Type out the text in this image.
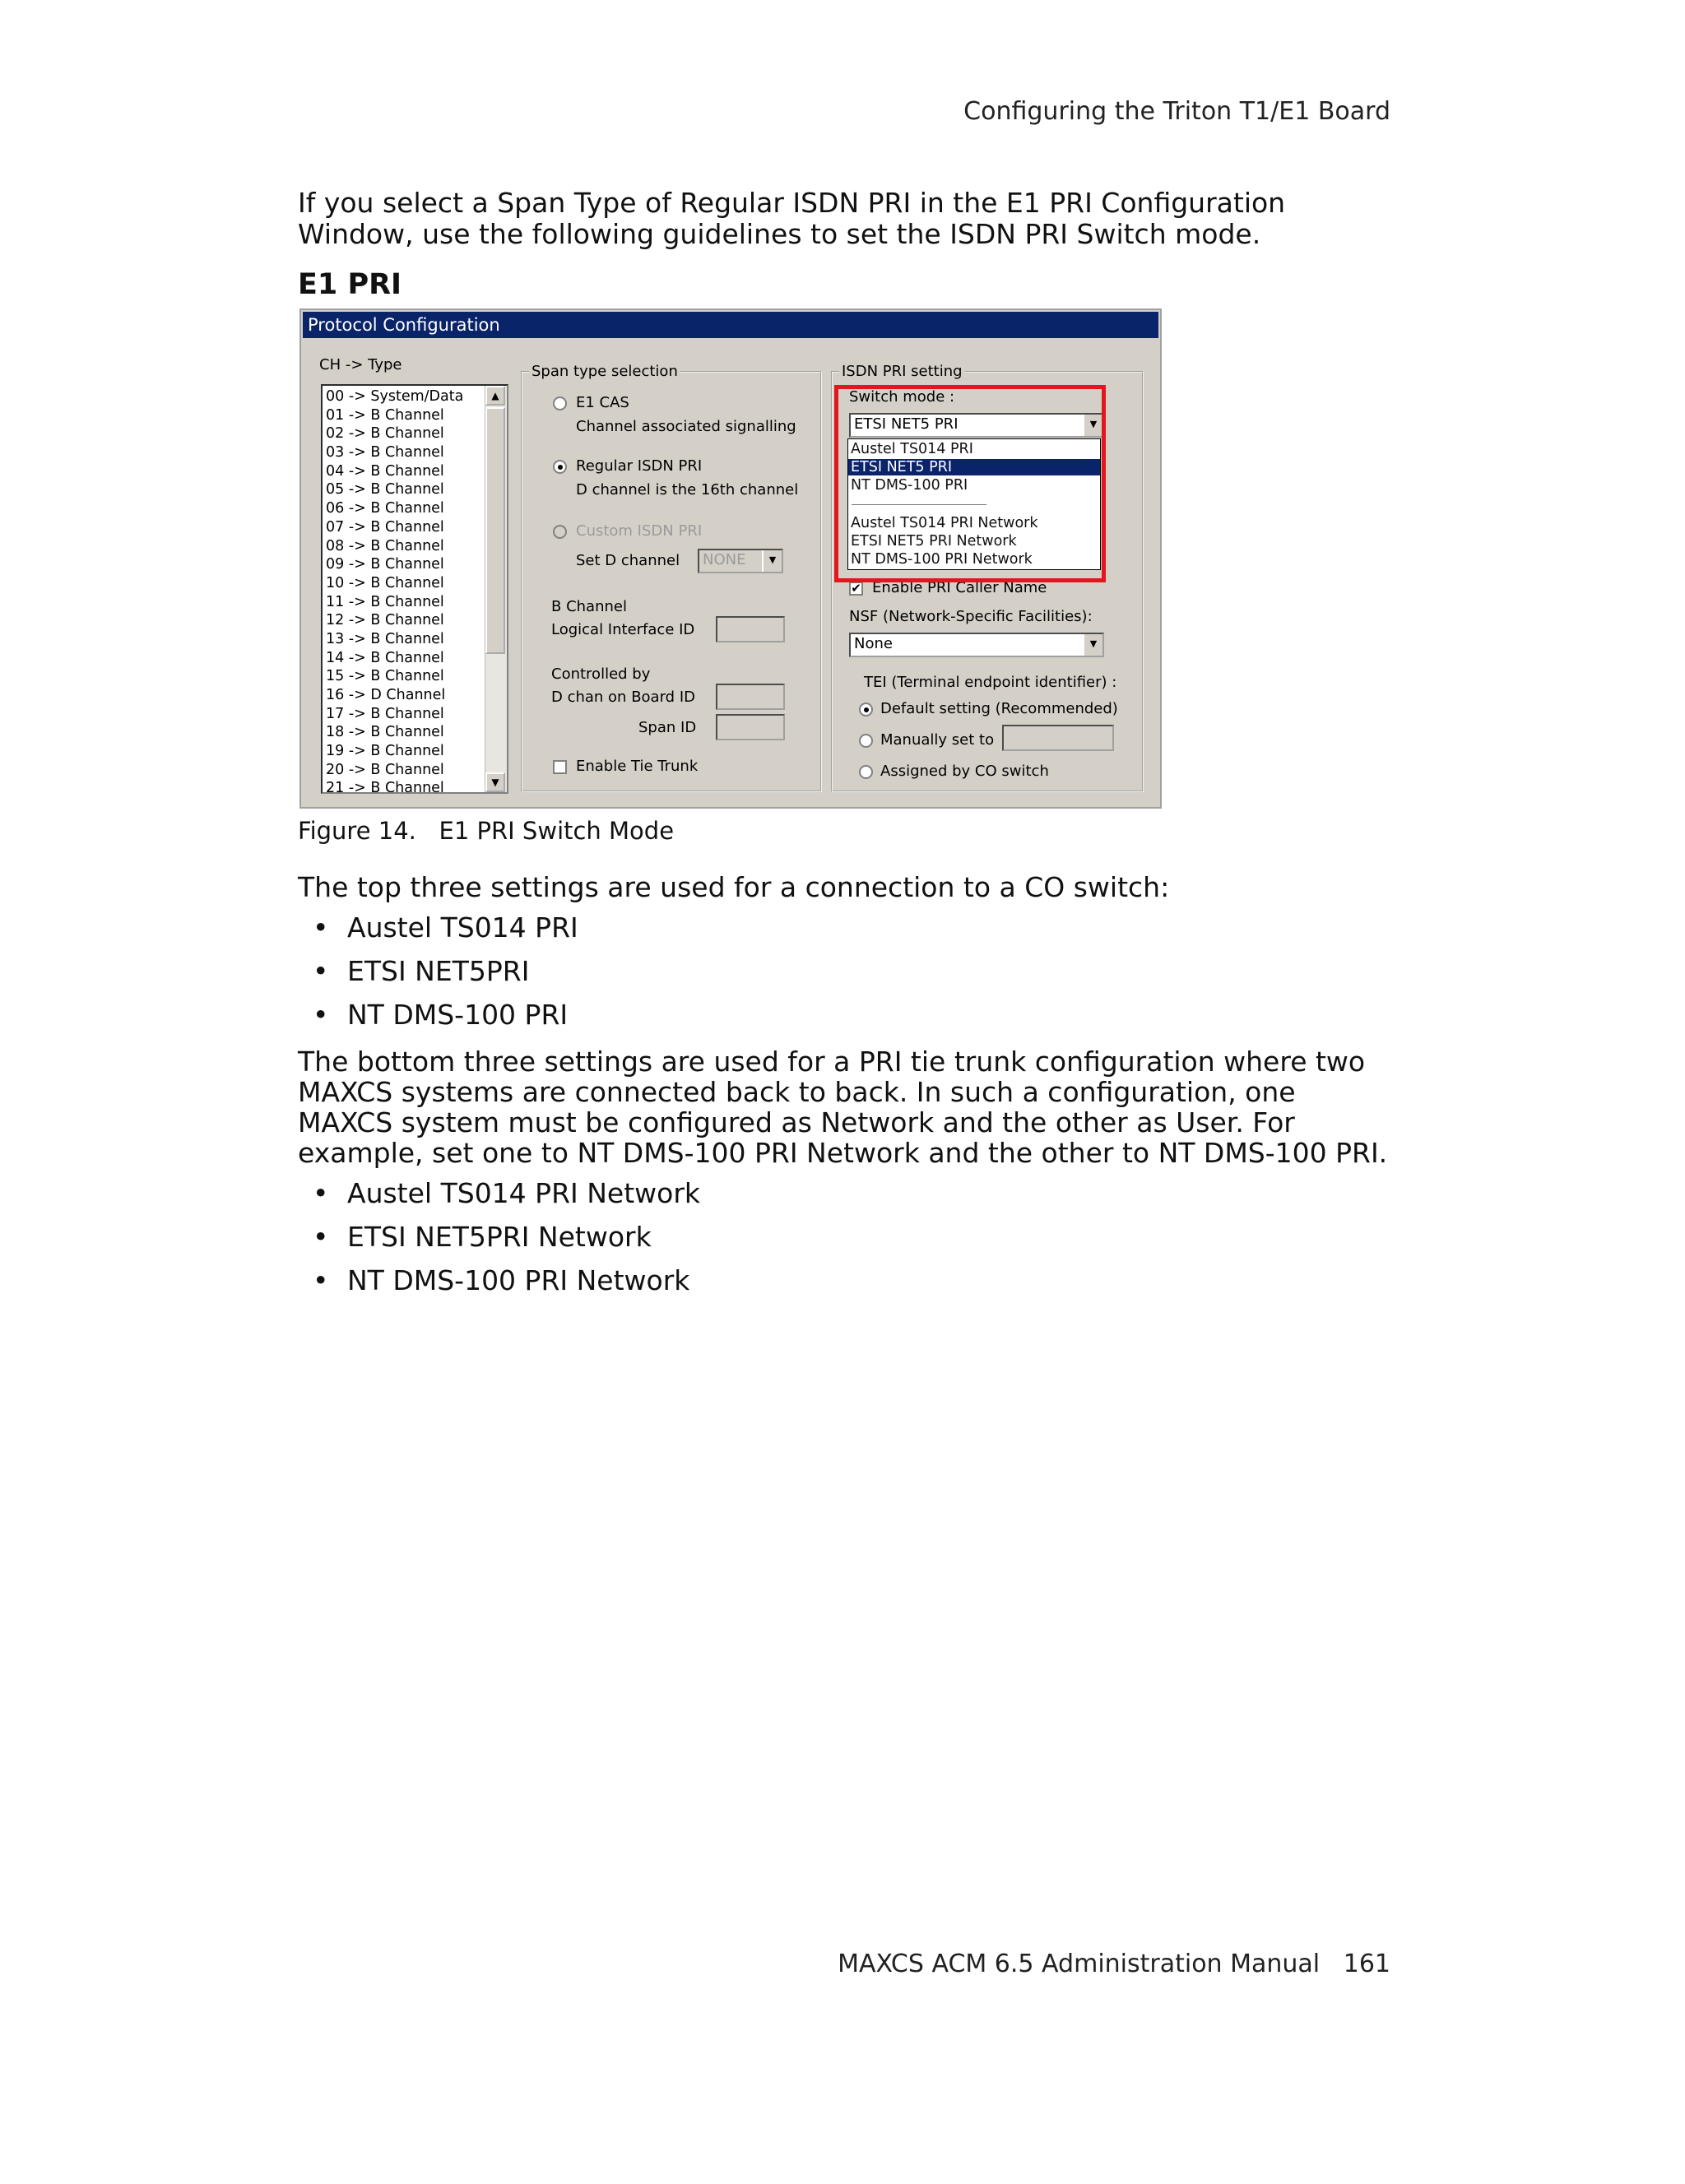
Configuring the Triton T1/E1 Board

If you select a Span Type of Regular ISDN PRI in the E1 PRI Configuration Window, use the following guidelines to set the ISDN PRI Switch mode.

E1 PRI
Protocol Configuration
CH -> Type
00 -> System/Data
01 -> B Channel
02 -> B Channel
03 -> B Channel
04 -> B Channel
05 -> B Channel
06 -> B Channel
07 -> B Channel
08 -> B Channel
09 -> B Channel
10 -> B Channel
11 -> B Channel
12 -> B Channel
13 -> B Channel
14 -> B Channel
15 -> B Channel
16 -> D Channel
17 -> B Channel
18 -> B Channel
19 -> B Channel
20 -> B Channel
21 -> B Channel
▲
▼
Span type selection
E1 CAS
Channel associated signalling
Regular ISDN PRI
D channel is the 16th channel
Custom ISDN PRI
Set D channel	NONE	▼
B Channel
Logical Interface ID
Controlled by
D chan on Board ID
Span ID
Enable Tie Trunk
ISDN PRI setting
Switch mode :
ETSI NET5 PRI	▼
✔ Enable PRI Caller Name
NSF (Network-Specific Facilities):
None	▼
TEI (Terminal endpoint identifier) :
Default setting (Recommended)
Manually set to
Assigned by CO switch
Austel TS014 PRI
ETSI NET5 PRI
NT DMS-100 PRI
Austel TS014 PRI Network
ETSI NET5 PRI Network
NT DMS-100 PRI Network
Figure 14.   E1 PRI Switch Mode

The top three settings are used for a connection to a CO switch:

• Austel TS014 PRI
• ETSI NET5PRI
• NT DMS-100 PRI

The bottom three settings are used for a PRI tie trunk configuration where two MAXCS systems are connected back to back. In such a configuration, one MAXCS system must be configured as Network and the other as User. For example, set one to NT DMS-100 PRI Network and the other to NT DMS-100 PRI.

• Austel TS014 PRI Network
• ETSI NET5PRI Network
• NT DMS-100 PRI Network
MAXCS ACM 6.5 Administration Manual   161
